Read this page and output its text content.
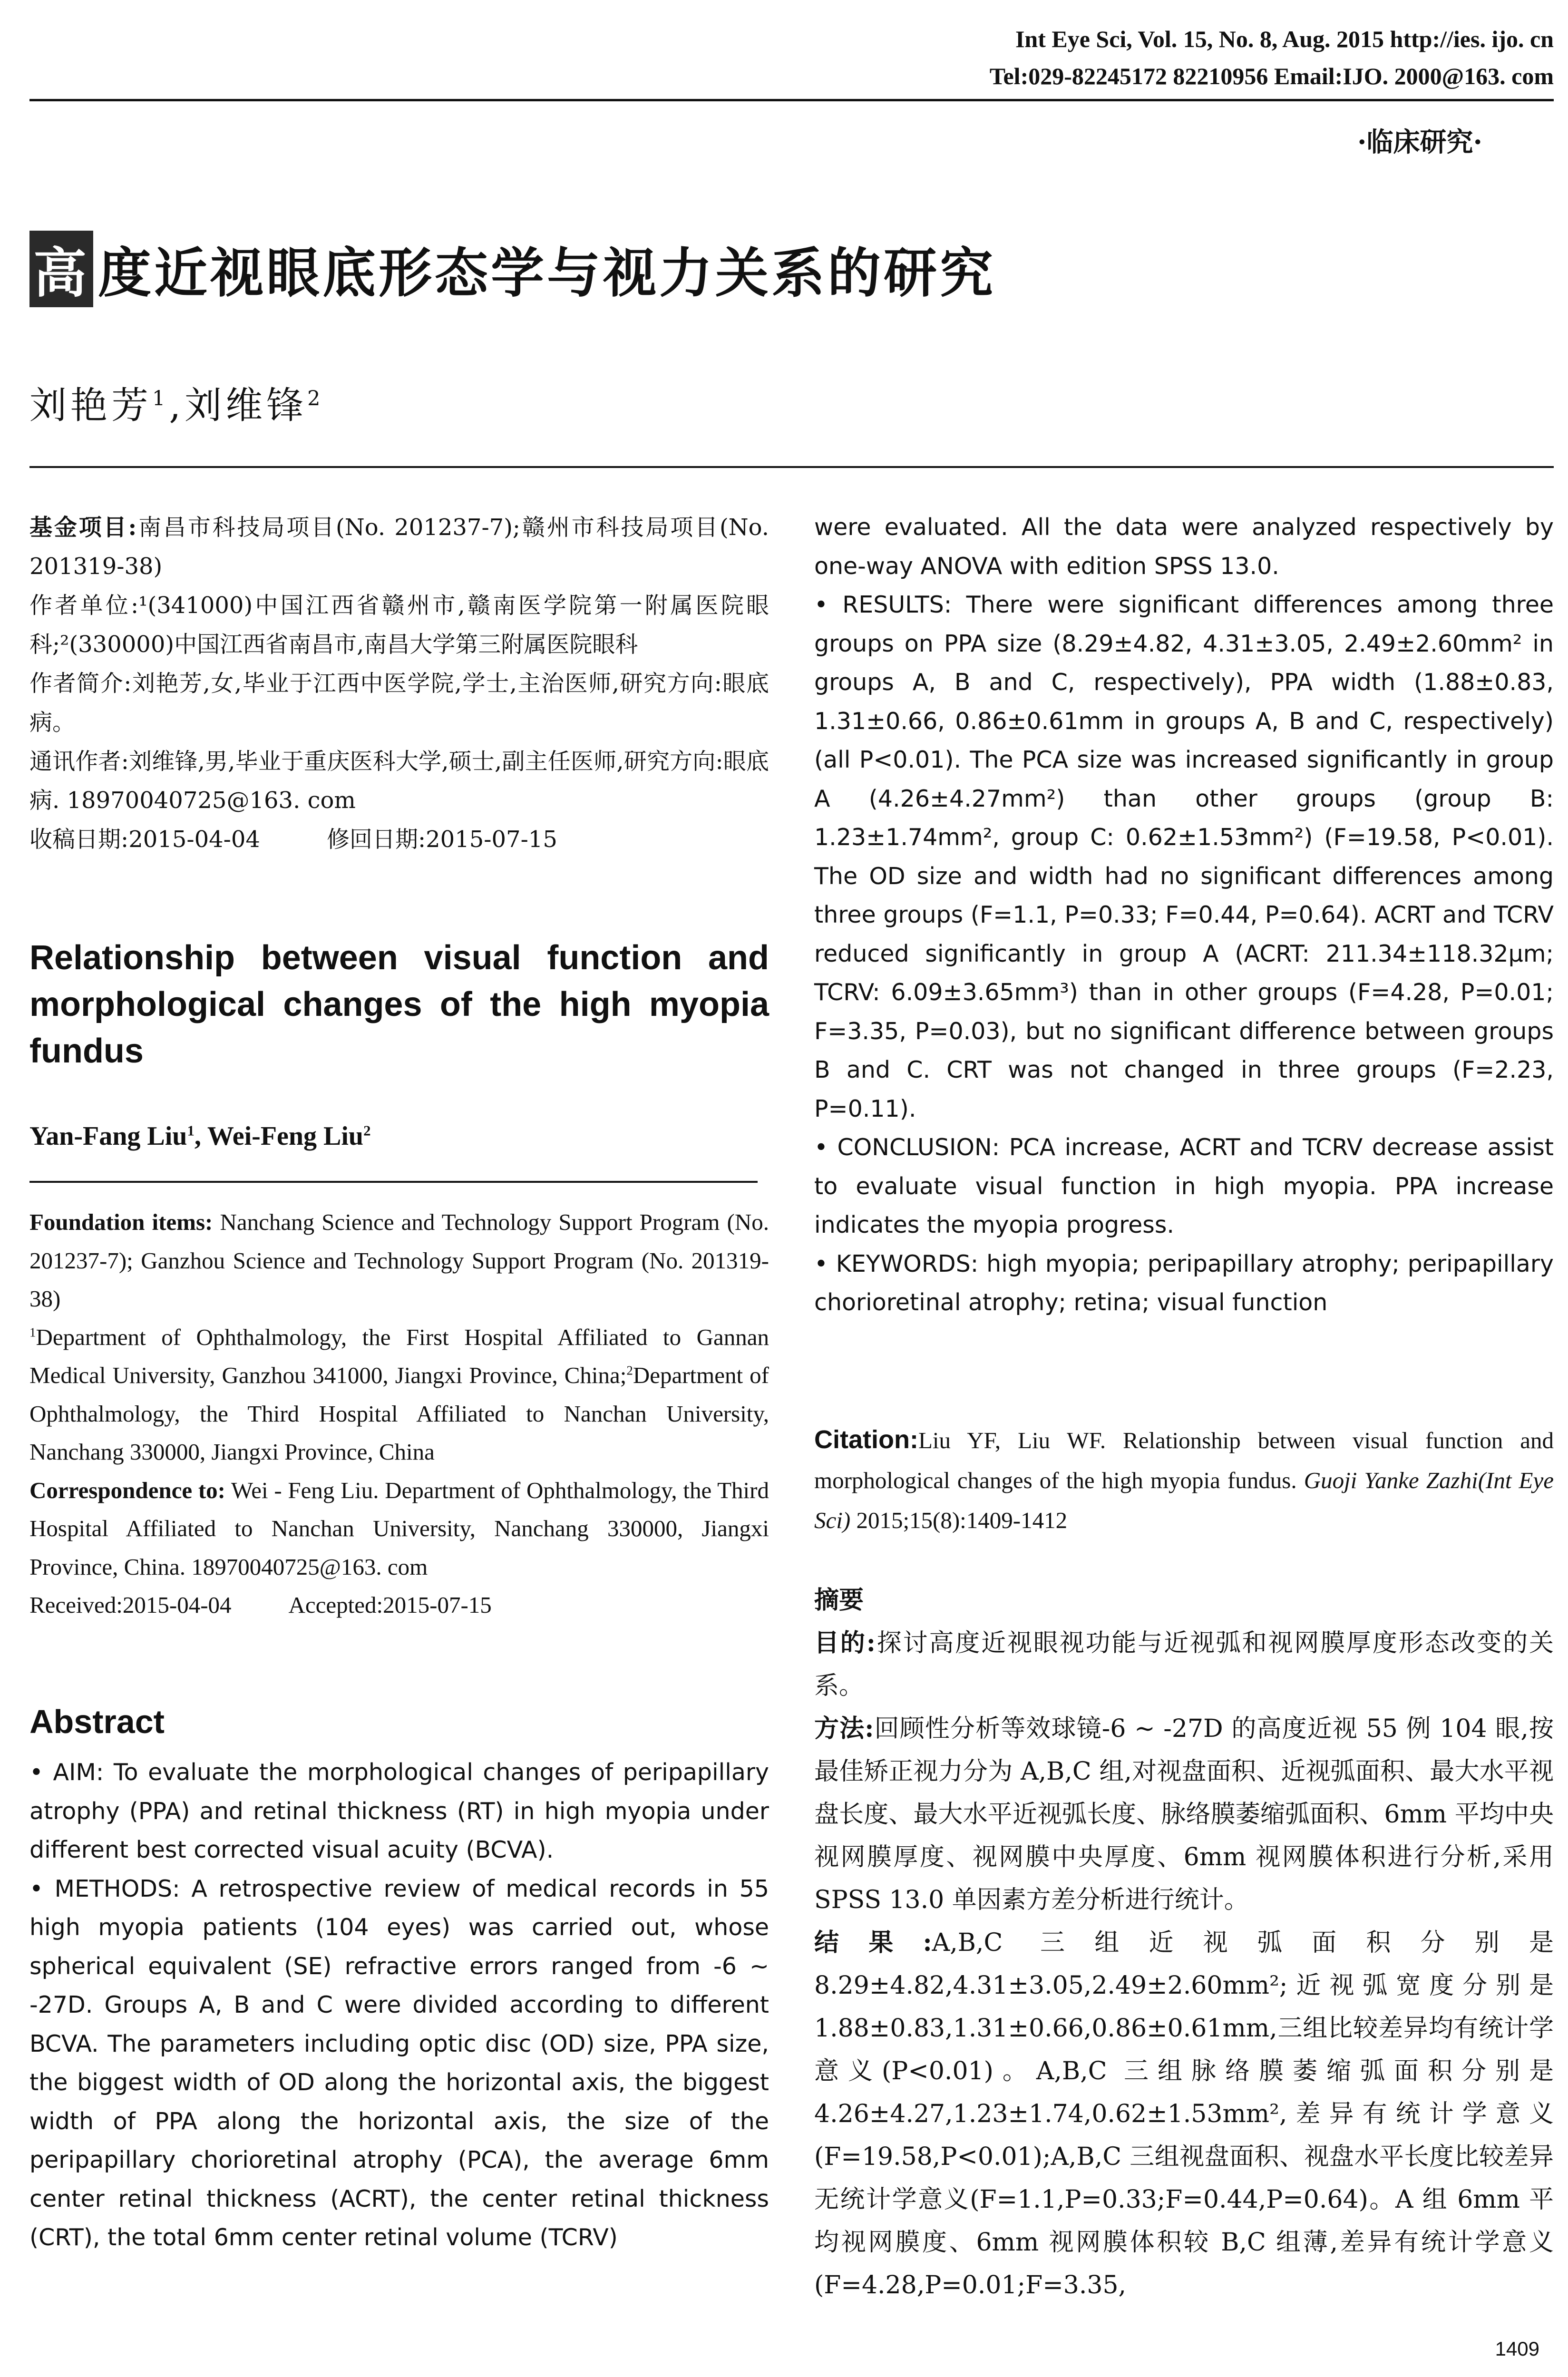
Int Eye Sci, Vol. 15, No. 8, Aug. 2015 http://ies. ijo. cn
Tel:029-82245172 82210956 Email:IJO. 2000@163. com
·临床研究·
高 度近视眼底形态学与视力关系的研究
刘艳芳$^1$,刘维锋$^2$

基金项目:南昌市科技局项目(No. 201237-7);赣州市科技局项目(No. 201319-38)

作者单位:¹(341000)中国江西省赣州市,赣南医学院第一附属医院眼科;²(330000)中国江西省南昌市,南昌大学第三附属医院眼科

作者简介:刘艳芳,女,毕业于江西中医学院,学士,主治医师,研究方向:眼底病。

通讯作者:刘维锋,男,毕业于重庆医科大学,硕士,副主任医师,研究方向:眼底病. 18970040725@163. com

收稿日期:2015-04-04	修回日期:2015-07-15

Relationship between visual function and morphological changes of the high myopia fundus
Yan-Fang Liu$^1$, Wei-Feng Liu$^2$

Foundation items: Nanchang Science and Technology Support Program (No. 201237-7); Ganzhou Science and Technology Support Program (No. 201319-38)

$^1$Department of Ophthalmology, the First Hospital Affiliated to Gannan Medical University, Ganzhou 341000, Jiangxi Province, China;$^2$Department of Ophthalmology, the Third Hospital Affiliated to Nanchan University, Nanchang 330000, Jiangxi Province, China

Correspondence to: Wei - Feng Liu. Department of Ophthalmology, the Third Hospital Affiliated to Nanchan University, Nanchang 330000, Jiangxi Province, China. 18970040725@163. com

Received:2015-04-04 Accepted:2015-07-15

Abstract

• AIM: To evaluate the morphological changes of peripapillary atrophy (PPA) and retinal thickness (RT) in high myopia under different best corrected visual acuity (BCVA).

• METHODS: A retrospective review of medical records in 55 high myopia patients (104 eyes) was carried out, whose spherical equivalent (SE) refractive errors ranged from -6 ~ -27D. Groups A, B and C were divided according to different BCVA. The parameters including optic disc (OD) size, PPA size, the biggest width of OD along the horizontal axis, the biggest width of PPA along the horizontal axis, the size of the peripapillary chorioretinal atrophy (PCA), the average 6mm center retinal thickness (ACRT), the center retinal thickness (CRT), the total 6mm center retinal volume (TCRV)

were evaluated. All the data were analyzed respectively by one-way ANOVA with edition SPSS 13.0.

• RESULTS: There were significant differences among three groups on PPA size (8.29±4.82, 4.31±3.05, 2.49±2.60mm² in groups A, B and C, respectively), PPA width (1.88±0.83, 1.31±0.66, 0.86±0.61mm in groups A, B and C, respectively) (all P<0.01). The PCA size was increased significantly in group A (4.26±4.27mm²) than other groups (group B: 1.23±1.74mm², group C: 0.62±1.53mm²) (F=19.58, P<0.01). The OD size and width had no significant differences among three groups (F=1.1, P=0.33; F=0.44, P=0.64). ACRT and TCRV reduced significantly in group A (ACRT: 211.34±118.32μm; TCRV: 6.09±3.65mm³) than in other groups (F=4.28, P=0.01; F=3.35, P=0.03), but no significant difference between groups B and C. CRT was not changed in three groups (F=2.23, P=0.11).

• CONCLUSION: PCA increase, ACRT and TCRV decrease assist to evaluate visual function in high myopia. PPA increase indicates the myopia progress.

• KEYWORDS: high myopia; peripapillary atrophy; peripapillary chorioretinal atrophy; retina; visual function

Citation:Liu YF, Liu WF. Relationship between visual function and morphological changes of the high myopia fundus. Guoji Yanke Zazhi(Int Eye Sci) 2015;15(8):1409-1412

摘要

目的:探讨高度近视眼视功能与近视弧和视网膜厚度形态改变的关系。

方法:回顾性分析等效球镜-6 ~ -27D 的高度近视 55 例 104 眼,按最佳矫正视力分为 A,B,C 组,对视盘面积、近视弧面积、最大水平视盘长度、最大水平近视弧长度、脉络膜萎缩弧面积、6mm 平均中央视网膜厚度、视网膜中央厚度、6mm 视网膜体积进行分析,采用 SPSS 13.0 单因素方差分析进行统计。

结果:A,B,C 三组近视弧面积分别是 8.29±4.82,4.31±3.05,2.49±2.60mm²;近视弧宽度分别是 1.88±0.83,1.31±0.66,0.86±0.61mm,三组比较差异均有统计学意义(P<0.01)。A,B,C 三组脉络膜萎缩弧面积分别是4.26±4.27,1.23±1.74,0.62±1.53mm²,差异有统计学意义(F=19.58,P<0.01);A,B,C 三组视盘面积、视盘水平长度比较差异无统计学意义(F=1.1,P=0.33;F=0.44,P=0.64)。A 组 6mm 平均视网膜度、6mm 视网膜体积较 B,C 组薄,差异有统计学意义(F=4.28,P=0.01;F=3.35,

1409
